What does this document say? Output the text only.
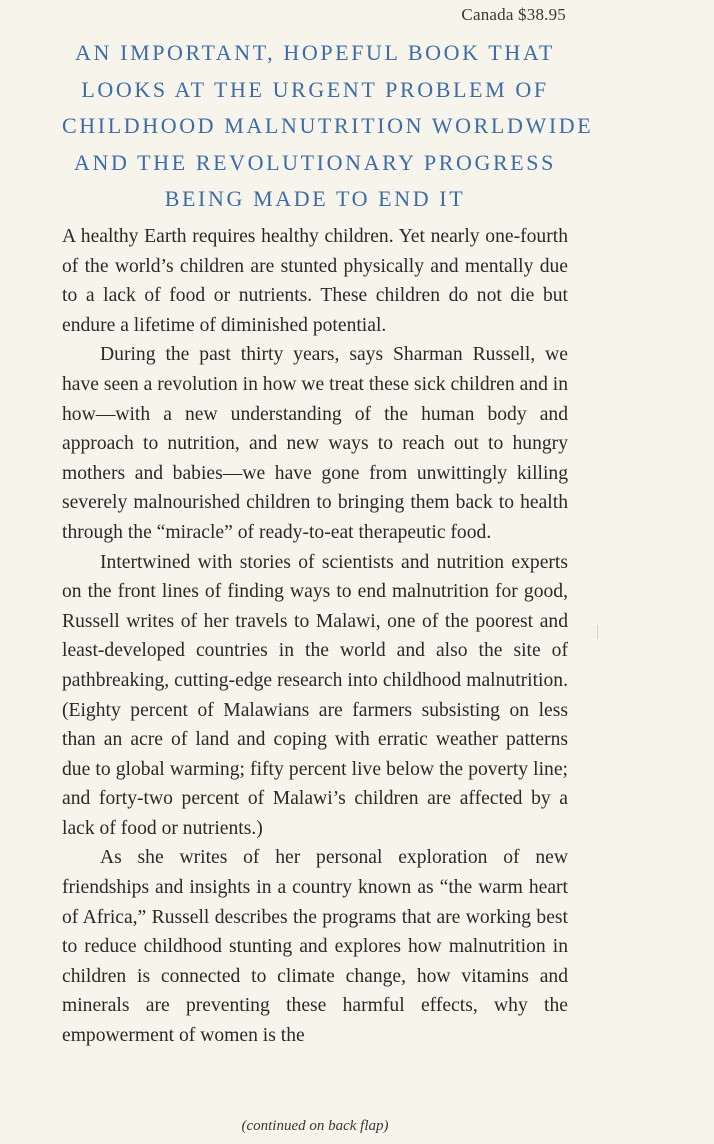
Canada $38.95
AN IMPORTANT, HOPEFUL BOOK THAT
LOOKS AT THE URGENT PROBLEM OF
CHILDHOOD MALNUTRITION WORLDWIDE
AND THE REVOLUTIONARY PROGRESS
BEING MADE TO END IT

A healthy Earth requires healthy children. Yet nearly one-fourth of the world’s children are stunted physically and mentally due to a lack of food or nutrients. These children do not die but endure a lifetime of diminished potential.

During the past thirty years, says Sharman Russell, we have seen a revolution in how we treat these sick children and in how—with a new understanding of the human body and approach to nutrition, and new ways to reach out to hungry mothers and babies—we have gone from unwittingly killing severely malnourished children to bringing them back to health through the “miracle” of ready-to-eat therapeutic food.

Intertwined with stories of scientists and nutrition experts on the front lines of finding ways to end malnutrition for good, Russell writes of her travels to Malawi, one of the poorest and least-developed countries in the world and also the site of pathbreaking, cutting-edge research into childhood malnutrition. (Eighty percent of Malawians are farmers subsisting on less than an acre of land and coping with erratic weather patterns due to global warming; fifty percent live below the poverty line; and forty-two percent of Malawi’s children are affected by a lack of food or nutrients.)

As she writes of her personal exploration of new friendships and insights in a country known as “the warm heart of Africa,” Russell describes the programs that are working best to reduce childhood stunting and explores how malnutrition in children is connected to climate change, how vitamins and minerals are preventing these harmful effects, why the empowerment of women is the

(continued on back flap)
